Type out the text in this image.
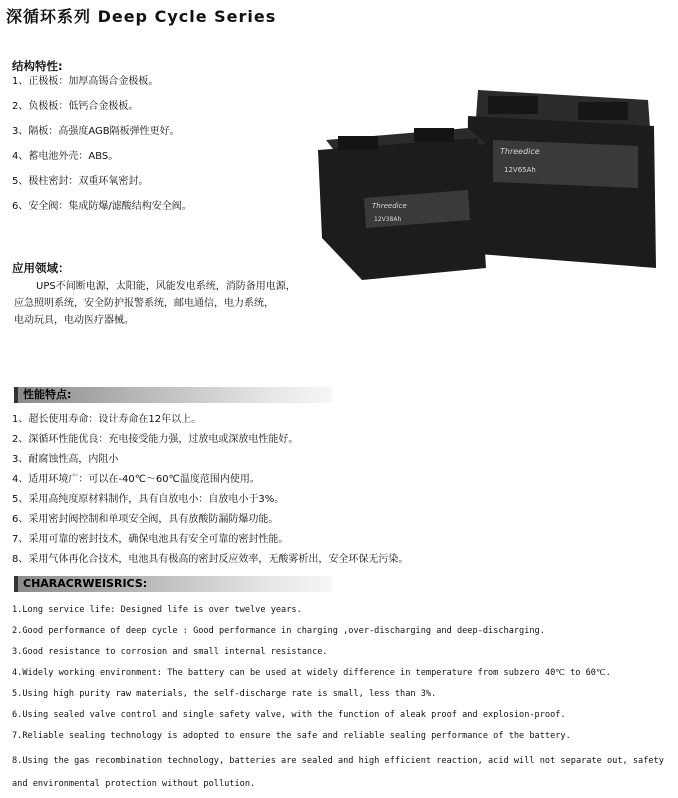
深循环系列 Deep Cycle Series
结构特性:
1、正极板：加厚高锡合金极板。
2、负极板：低钙合金极板。
3、隔板：高强度AGB隔板弹性更好。
4、蓄电池外壳：ABS。
5、极柱密封：双重环氧密封。
6、安全阀：集成防爆/滤酸结构安全阀。
应用领域：
UPS不间断电源，太阳能，风能发电系统，消防备用电源，
应急照明系统，安全防护报警系统，邮电通信，电力系统，
电动玩具，电动医疗器械。
Threedice
12V65Ah
Threedice
12V38Ah
性能特点:
1、超长使用寿命：设计寿命在12年以上。
2、深循环性能优良：充电接受能力强，过放电或深放电性能好。
3、耐腐蚀性高，内阻小
4、适用环境广：可以在-40℃～60℃温度范围内使用。
5、采用高纯度原材料制作，具有自放电小：自放电小于3%。
6、采用密封阀控制和单项安全阀，具有放酸防漏防爆功能。
7、采用可靠的密封技术，确保电池具有安全可靠的密封性能。
8、采用气体再化合技术，电池具有极高的密封反应效率，无酸雾析出，安全环保无污染。
CHARACRWEISRICS:
1.Long service life: Designed life is over twelve years.
2.Good performance of deep cycle : Good performance in charging ,over-discharging and deep-discharging.
3.Good resistance to corrosion and small internal resistance.
4.Widely working environment: The battery can be used at widely difference in temperature from subzero 40℃ to 60℃.
5.Using high purity raw materials, the self-discharge rate is small, less than 3%.
6.Using sealed valve control and single safety valve, with the function of aleak proof and explosion-proof.
7.Reliable sealing technology is adopted to ensure the safe and reliable sealing performance of the battery.
8.Using the gas recombination technology, batteries are sealed and high efficient reaction, acid will not separate out, safety and environmental protection without pollution.
